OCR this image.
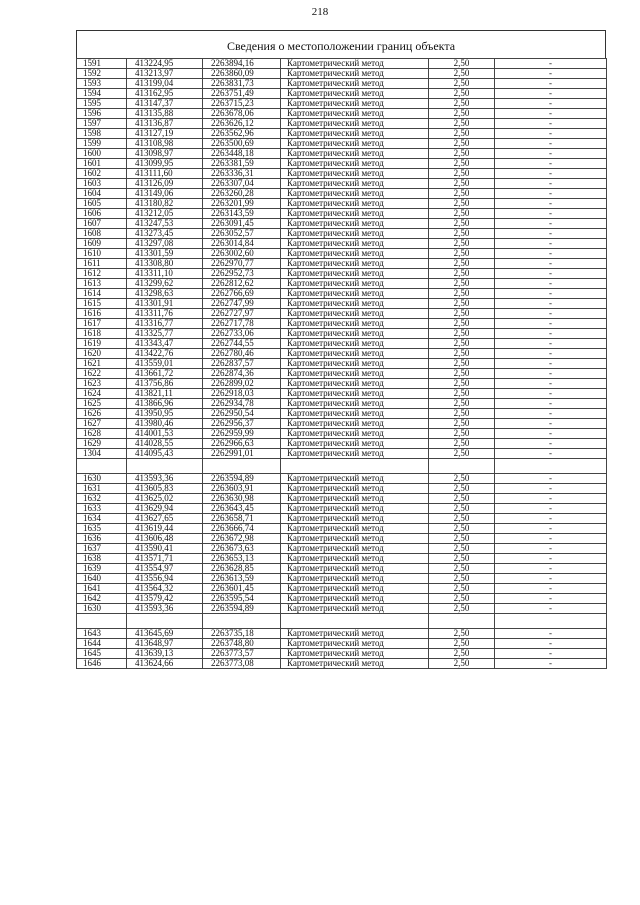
218
Сведения о местоположении границ объекта
1591	413224,95	2263894,16	Картометрический метод	2,50	-
1592	413213,97	2263860,09	Картометрический метод	2,50	-
1593	413199,04	2263831,73	Картометрический метод	2,50	-
1594	413162,95	2263751,49	Картометрический метод	2,50	-
1595	413147,37	2263715,23	Картометрический метод	2,50	-
1596	413135,88	2263678,06	Картометрический метод	2,50	-
1597	413136,87	2263626,12	Картометрический метод	2,50	-
1598	413127,19	2263562,96	Картометрический метод	2,50	-
1599	413108,98	2263500,69	Картометрический метод	2,50	-
1600	413098,97	2263448,18	Картометрический метод	2,50	-
1601	413099,95	2263381,59	Картометрический метод	2,50	-
1602	413111,60	2263336,31	Картометрический метод	2,50	-
1603	413126,09	2263307,04	Картометрический метод	2,50	-
1604	413149,06	2263260,28	Картометрический метод	2,50	-
1605	413180,82	2263201,99	Картометрический метод	2,50	-
1606	413212,05	2263143,59	Картометрический метод	2,50	-
1607	413247,53	2263091,45	Картометрический метод	2,50	-
1608	413273,45	2263052,57	Картометрический метод	2,50	-
1609	413297,08	2263014,84	Картометрический метод	2,50	-
1610	413301,59	2263002,60	Картометрический метод	2,50	-
1611	413308,80	2262970,77	Картометрический метод	2,50	-
1612	413311,10	2262952,73	Картометрический метод	2,50	-
1613	413299,62	2262812,62	Картометрический метод	2,50	-
1614	413298,63	2262766,69	Картометрический метод	2,50	-
1615	413301,91	2262747,99	Картометрический метод	2,50	-
1616	413311,76	2262727,97	Картометрический метод	2,50	-
1617	413316,77	2262717,78	Картометрический метод	2,50	-
1618	413325,77	2262733,06	Картометрический метод	2,50	-
1619	413343,47	2262744,55	Картометрический метод	2,50	-
1620	413422,76	2262780,46	Картометрический метод	2,50	-
1621	413559,01	2262837,57	Картометрический метод	2,50	-
1622	413661,72	2262874,36	Картометрический метод	2,50	-
1623	413756,86	2262899,02	Картометрический метод	2,50	-
1624	413821,11	2262918,03	Картометрический метод	2,50	-
1625	413866,96	2262934,78	Картометрический метод	2,50	-
1626	413950,95	2262950,54	Картометрический метод	2,50	-
1627	413980,46	2262956,37	Картометрический метод	2,50	-
1628	414001,53	2262959,99	Картометрический метод	2,50	-
1629	414028,55	2262966,63	Картометрический метод	2,50	-
1304	414095,43	2262991,01	Картометрический метод	2,50	-

1630	413593,36	2263594,89	Картометрический метод	2,50	-
1631	413605,83	2263603,91	Картометрический метод	2,50	-
1632	413625,02	2263630,98	Картометрический метод	2,50	-
1633	413629,94	2263643,45	Картометрический метод	2,50	-
1634	413627,65	2263658,71	Картометрический метод	2,50	-
1635	413619,44	2263666,74	Картометрический метод	2,50	-
1636	413606,48	2263672,98	Картометрический метод	2,50	-
1637	413590,41	2263673,63	Картометрический метод	2,50	-
1638	413571,71	2263653,13	Картометрический метод	2,50	-
1639	413554,97	2263628,85	Картометрический метод	2,50	-
1640	413556,94	2263613,59	Картометрический метод	2,50	-
1641	413564,32	2263601,45	Картометрический метод	2,50	-
1642	413579,42	2263595,54	Картометрический метод	2,50	-
1630	413593,36	2263594,89	Картометрический метод	2,50	-

1643	413645,69	2263735,18	Картометрический метод	2,50	-
1644	413648,97	2263748,80	Картометрический метод	2,50	-
1645	413639,13	2263773,57	Картометрический метод	2,50	-
1646	413624,66	2263773,08	Картометрический метод	2,50	-
